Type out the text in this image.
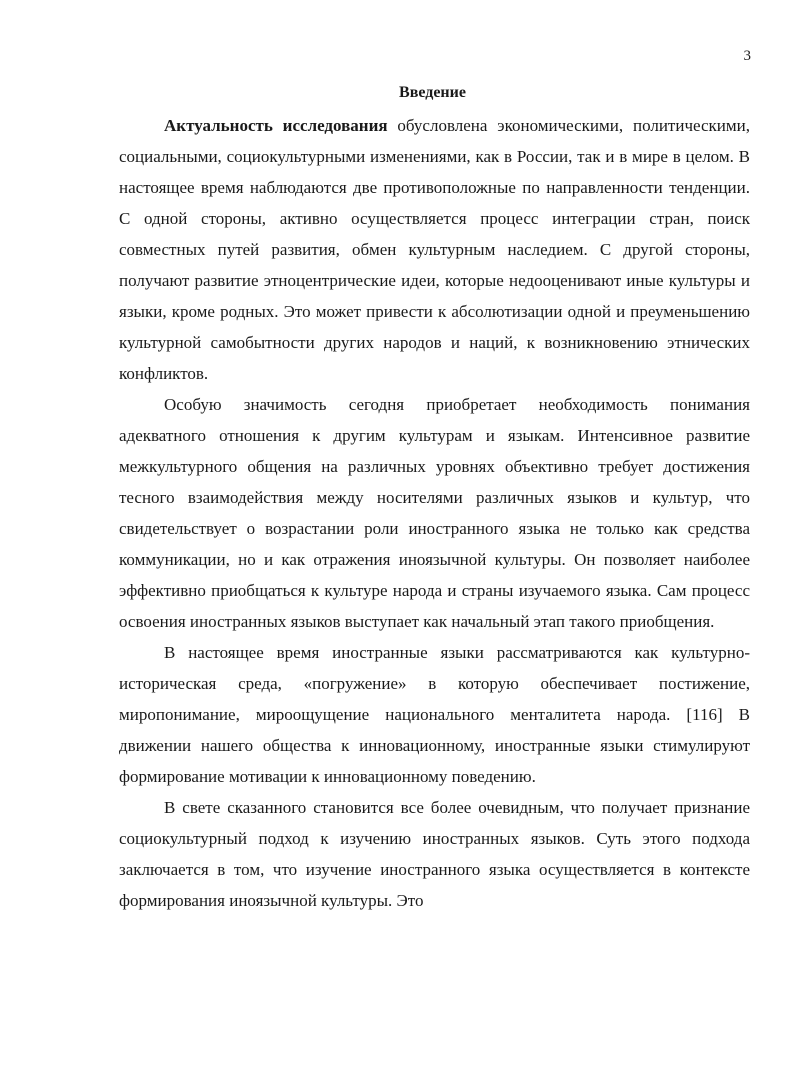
3
Введение

Актуальность исследования обусловлена экономическими, политическими, социальными, социокультурными изменениями, как в России, так и в мире в целом. В настоящее время наблюдаются две противоположные по направленности тенденции. С одной стороны, активно осуществляется процесс интеграции стран, поиск совместных путей развития, обмен культурным наследием. С другой стороны, получают развитие этноцентрические идеи, которые недооценивают иные культуры и языки, кроме родных. Это может привести к абсолютизации одной и преуменьшению культурной самобытности других народов и наций, к возникновению этнических конфликтов.

Особую значимость сегодня приобретает необходимость понимания адекватного отношения к другим культурам и языкам. Интенсивное развитие межкультурного общения на различных уровнях объективно требует достижения тесного взаимодействия между носителями различных языков и культур, что свидетельствует о возрастании роли иностранного языка не только как средства коммуникации, но и как отражения иноязычной культуры. Он позволяет наиболее эффективно приобщаться к культуре народа и страны изучаемого языка. Сам процесс освоения иностранных языков выступает как начальный этап такого приобщения.

В настоящее время иностранные языки рассматриваются как культурно-историческая среда, «погружение» в которую обеспечивает постижение, миропонимание, мироощущение национального менталитета народа. [116] В движении нашего общества к инновационному, иностранные языки стимулируют формирование мотивации к инновационному поведению.

В свете сказанного становится все более очевидным, что получает признание социокультурный подход к изучению иностранных языков. Суть этого подхода заключается в том, что изучение иностранного языка осуществляется в контексте формирования иноязычной культуры. Это
